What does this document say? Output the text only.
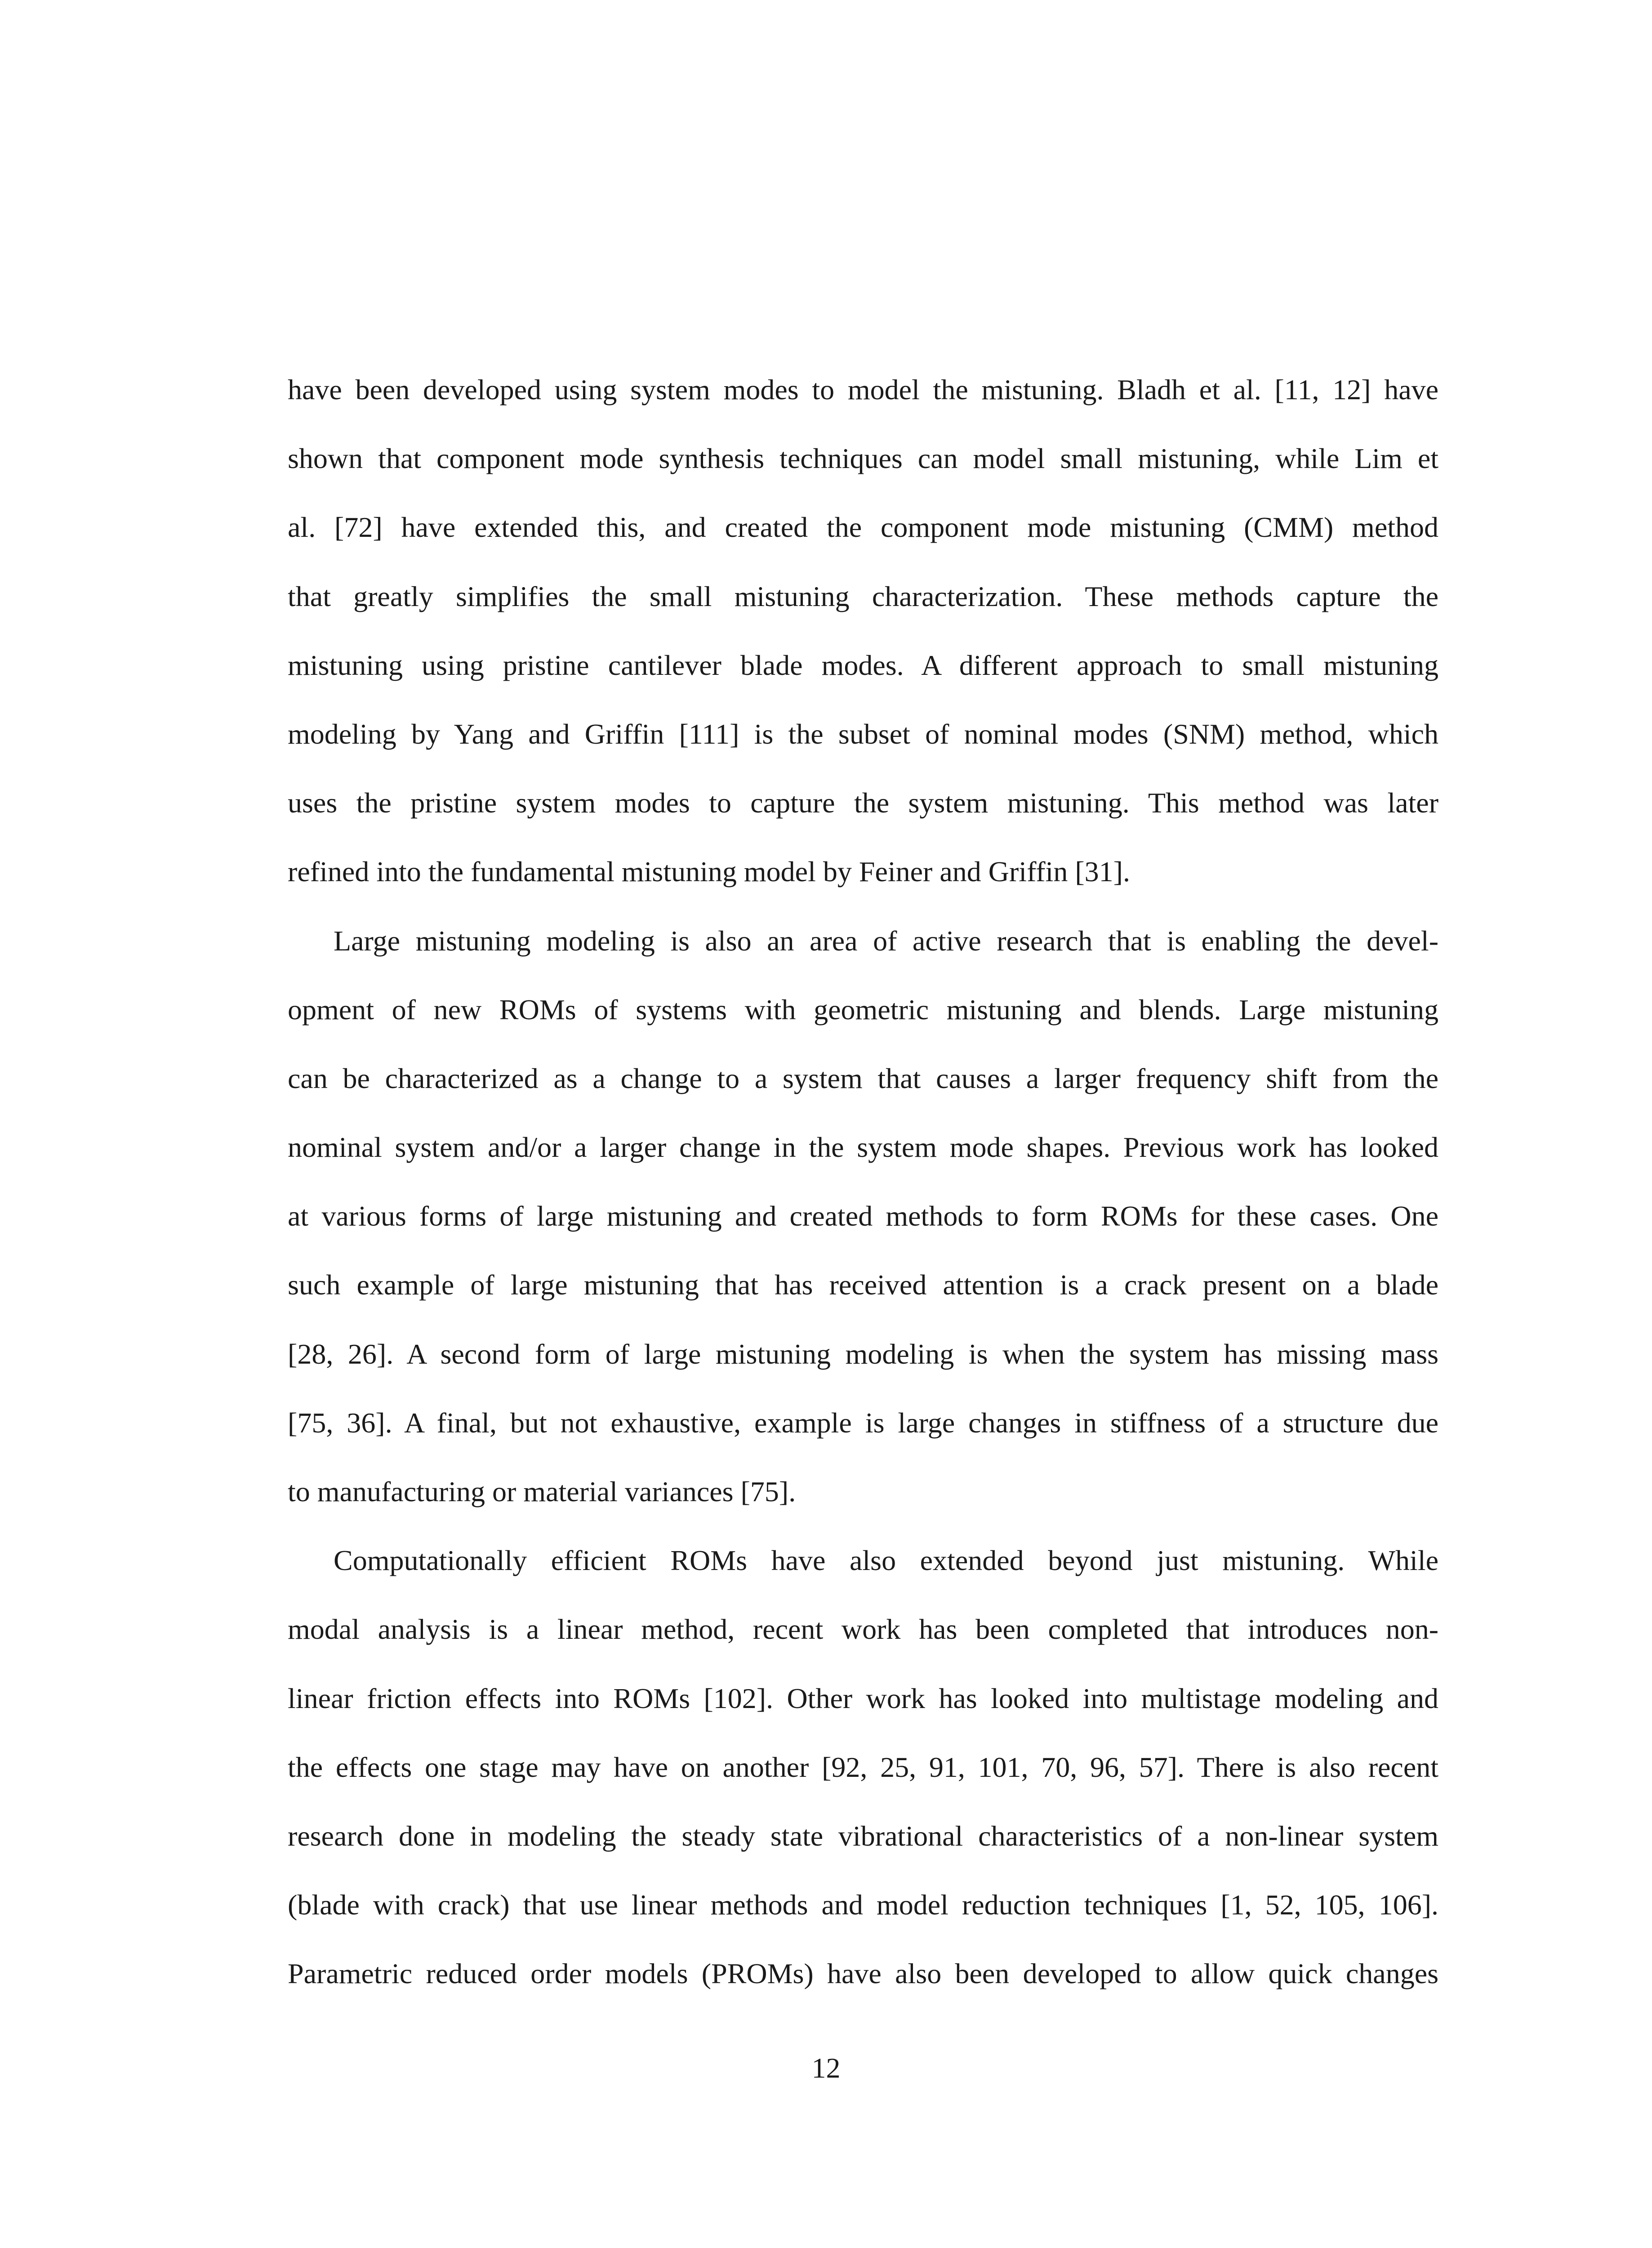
have been developed using system modes to model the mistuning. Bladh et al. [11, 12] have
shown that component mode synthesis techniques can model small mistuning, while Lim et
al. [72] have extended this, and created the component mode mistuning (CMM) method
that greatly simplifies the small mistuning characterization. These methods capture the
mistuning using pristine cantilever blade modes. A different approach to small mistuning
modeling by Yang and Griffin [111] is the subset of nominal modes (SNM) method, which
uses the pristine system modes to capture the system mistuning. This method was later
refined into the fundamental mistuning model by Feiner and Griffin [31].
Large mistuning modeling is also an area of active research that is enabling the devel-
opment of new ROMs of systems with geometric mistuning and blends. Large mistuning
can be characterized as a change to a system that causes a larger frequency shift from the
nominal system and/or a larger change in the system mode shapes. Previous work has looked
at various forms of large mistuning and created methods to form ROMs for these cases. One
such example of large mistuning that has received attention is a crack present on a blade
[28, 26]. A second form of large mistuning modeling is when the system has missing mass
[75, 36]. A final, but not exhaustive, example is large changes in stiffness of a structure due
to manufacturing or material variances [75].
Computationally efficient ROMs have also extended beyond just mistuning. While
modal analysis is a linear method, recent work has been completed that introduces non-
linear friction effects into ROMs [102]. Other work has looked into multistage modeling and
the effects one stage may have on another [92, 25, 91, 101, 70, 96, 57]. There is also recent
research done in modeling the steady state vibrational characteristics of a non-linear system
(blade with crack) that use linear methods and model reduction techniques [1, 52, 105, 106].
Parametric reduced order models (PROMs) have also been developed to allow quick changes
12
